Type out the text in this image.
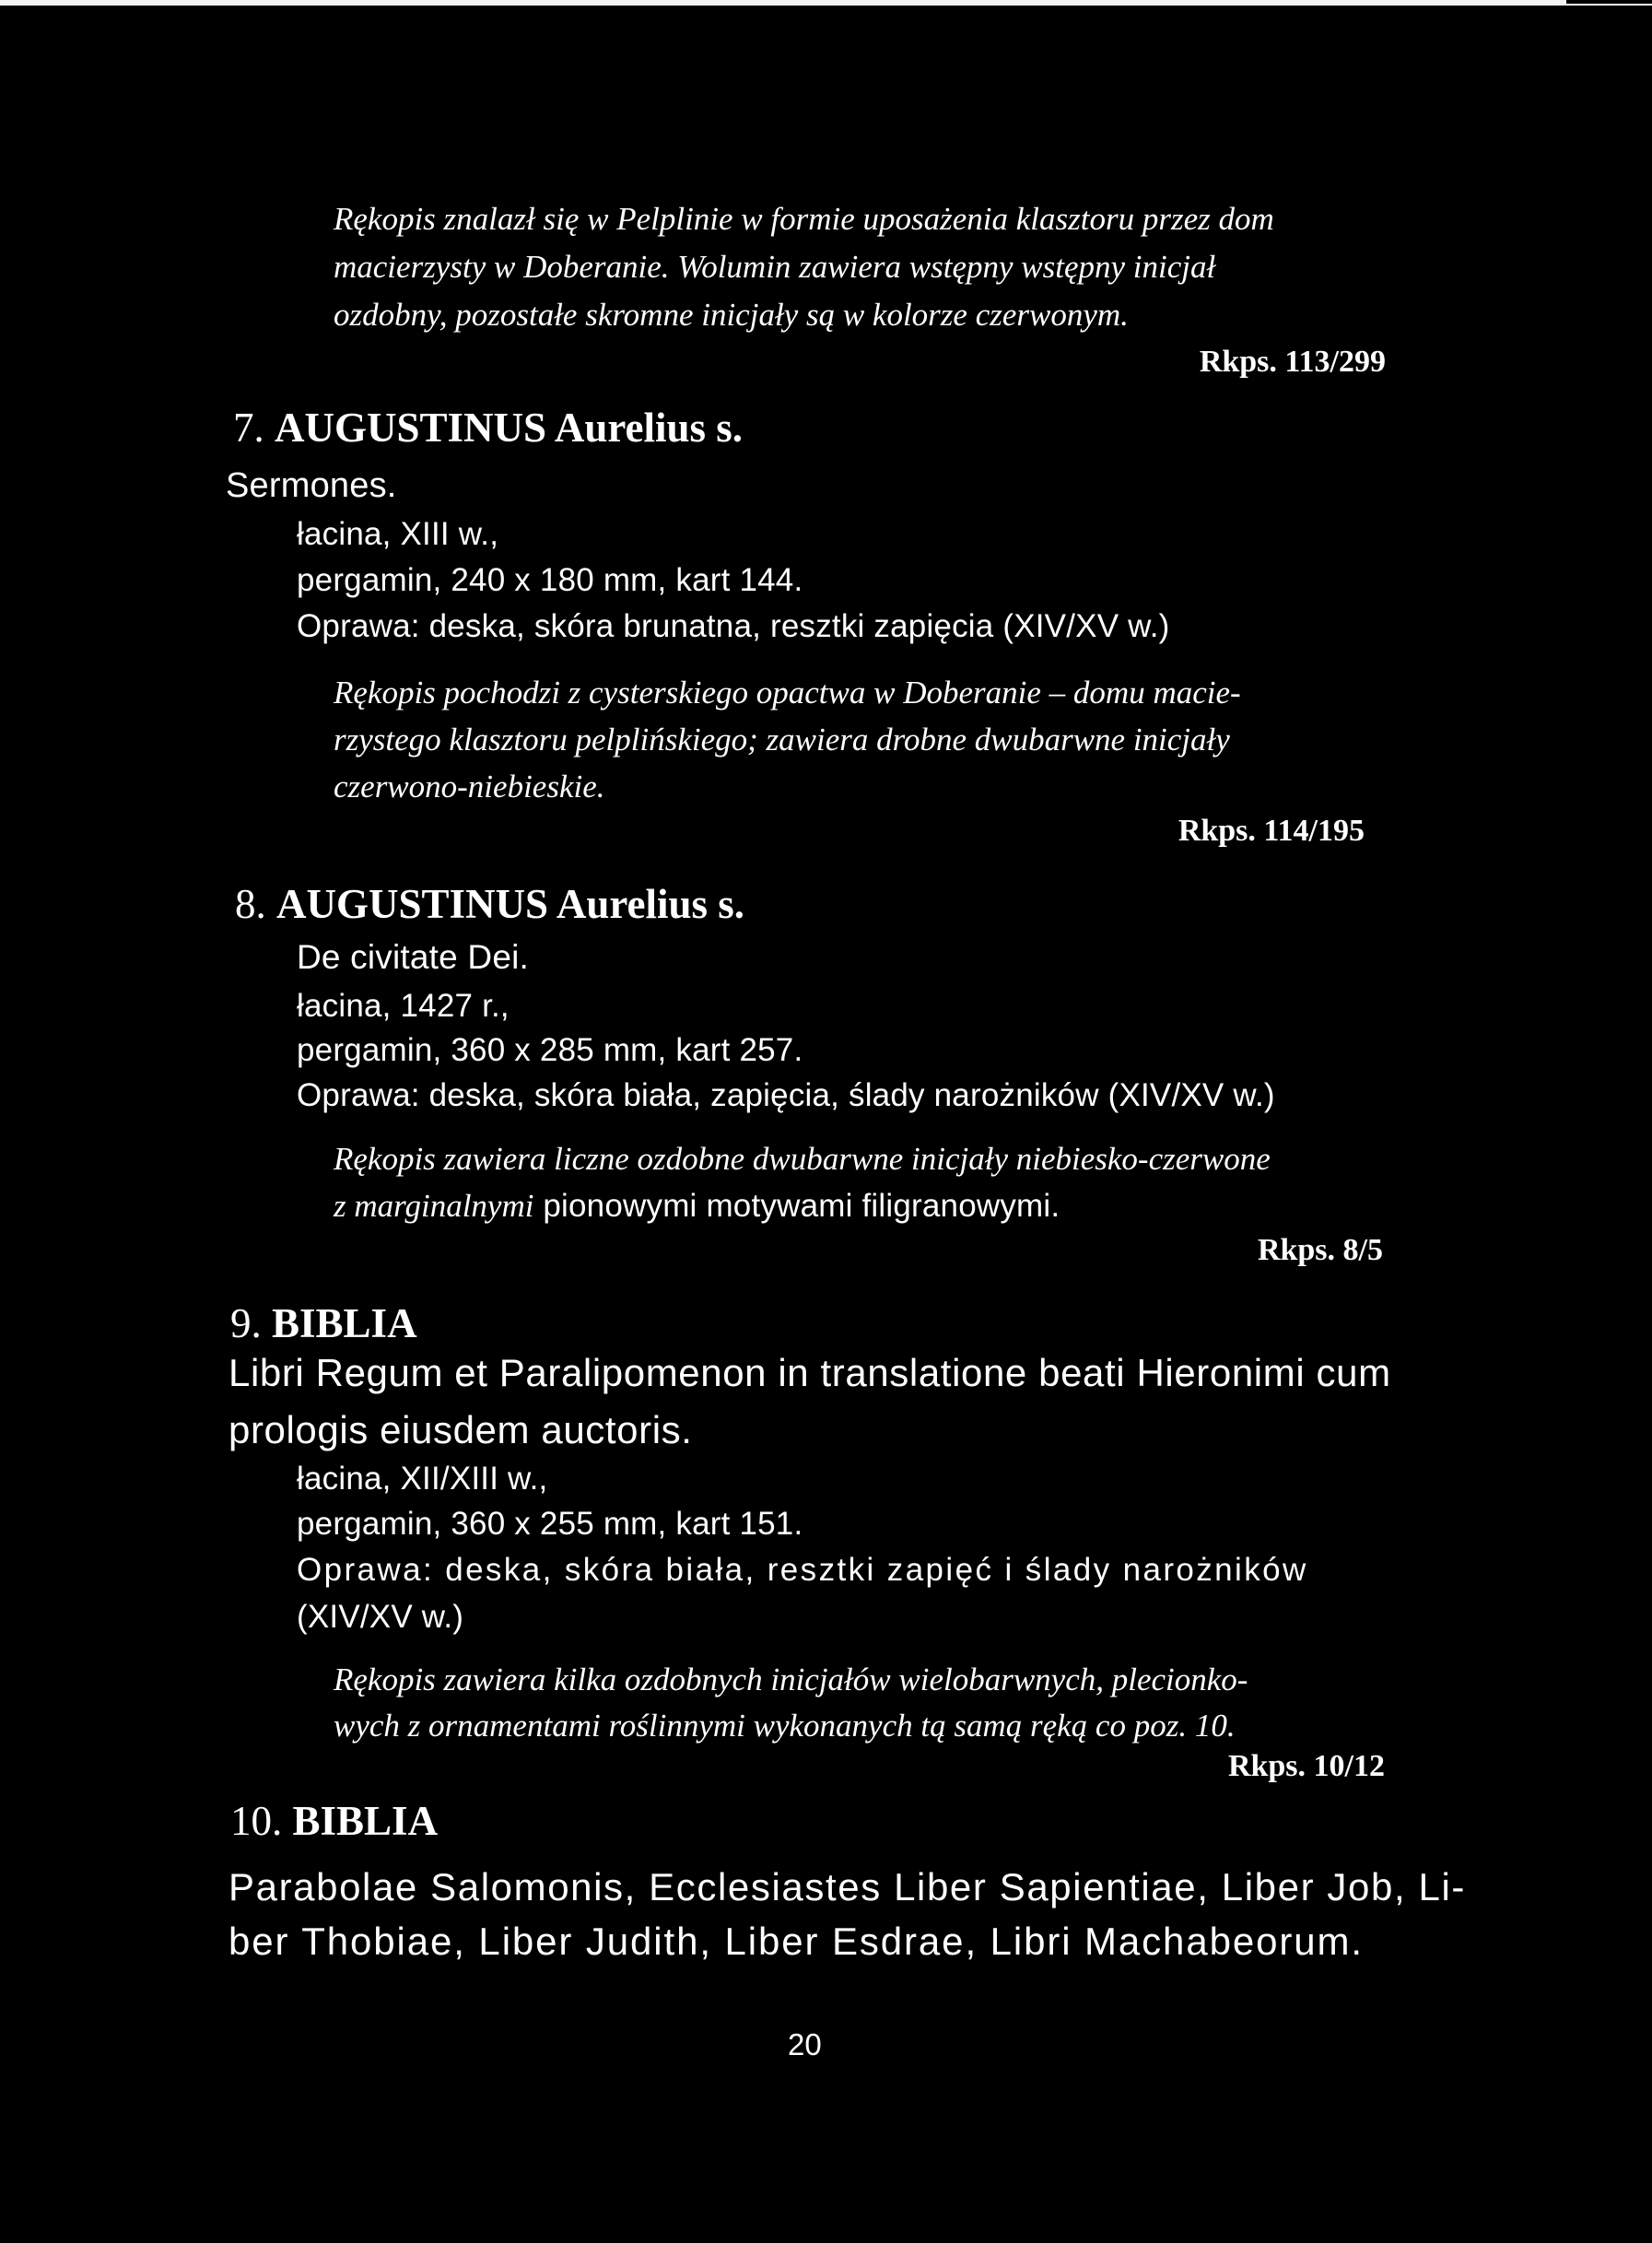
Rękopis znalazł się w Pelplinie w formie uposażenia klasztoru przez dom
macierzysty w Doberanie. Wolumin zawiera wstępny wstępny inicjał
ozdobny, pozostałe skromne inicjały są w kolorze czerwonym.
Rkps. 113/299
7. AUGUSTINUS Aurelius s.
Sermones.
łacina, XIII w.,
pergamin, 240 x 180 mm, kart 144.
Oprawa: deska, skóra brunatna, resztki zapięcia (XIV/XV w.)
Rękopis pochodzi z cysterskiego opactwa w Doberanie – domu macie-
rzystego klasztoru pelplińskiego; zawiera drobne dwubarwne inicjały
czerwono-niebieskie.
Rkps. 114/195
8. AUGUSTINUS Aurelius s.
De civitate Dei.
łacina, 1427 r.,
pergamin, 360 x 285 mm, kart 257.
Oprawa: deska, skóra biała, zapięcia, ślady narożników (XIV/XV w.)
Rękopis zawiera liczne ozdobne dwubarwne inicjały niebiesko-czerwone
z marginalnymi pionowymi motywami filigranowymi.
Rkps. 8/5
9. BIBLIA
Libri Regum et Paralipomenon in translatione beati Hieronimi cum
prologis eiusdem auctoris.
łacina, XII/XIII w.,
pergamin, 360 x 255 mm, kart 151.
Oprawa: deska, skóra biała, resztki zapięć i ślady narożników
(XIV/XV w.)
Rękopis zawiera kilka ozdobnych inicjałów wielobarwnych, plecionko-
wych z ornamentami roślinnymi wykonanych tą samą ręką co poz. 10.
Rkps. 10/12
10. BIBLIA
Parabolae Salomonis, Ecclesiastes Liber Sapientiae, Liber Job, Li-
ber Thobiae, Liber Judith, Liber Esdrae, Libri Machabeorum.
20
